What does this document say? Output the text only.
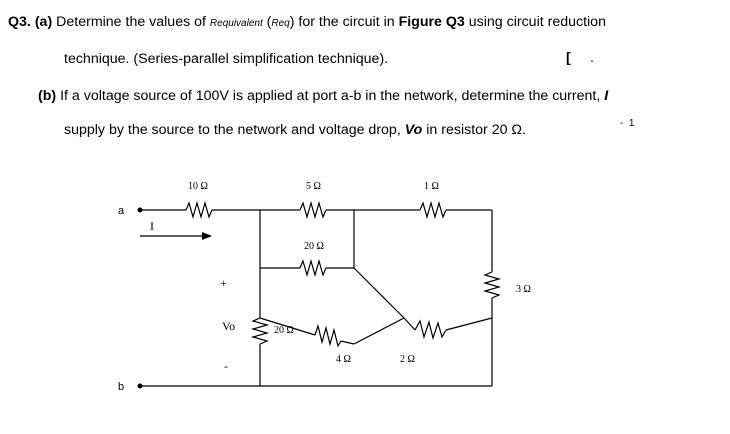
Q3. (a) Determine the values of Requivalent (Req) for the circuit in Figure Q3 using circuit reduction
technique. (Series-parallel simplification technique).	[ .
(b) If a voltage source of 100V is applied at port a-b in the network, determine the current, I
supply by the source to the network and voltage drop, Vo in resistor 20 Ω.	-  1
a
b
I
10 Ω	5 Ω	1 Ω
20 Ω
3 Ω
20 Ω
4 Ω	2 Ω
+
Vo
-
